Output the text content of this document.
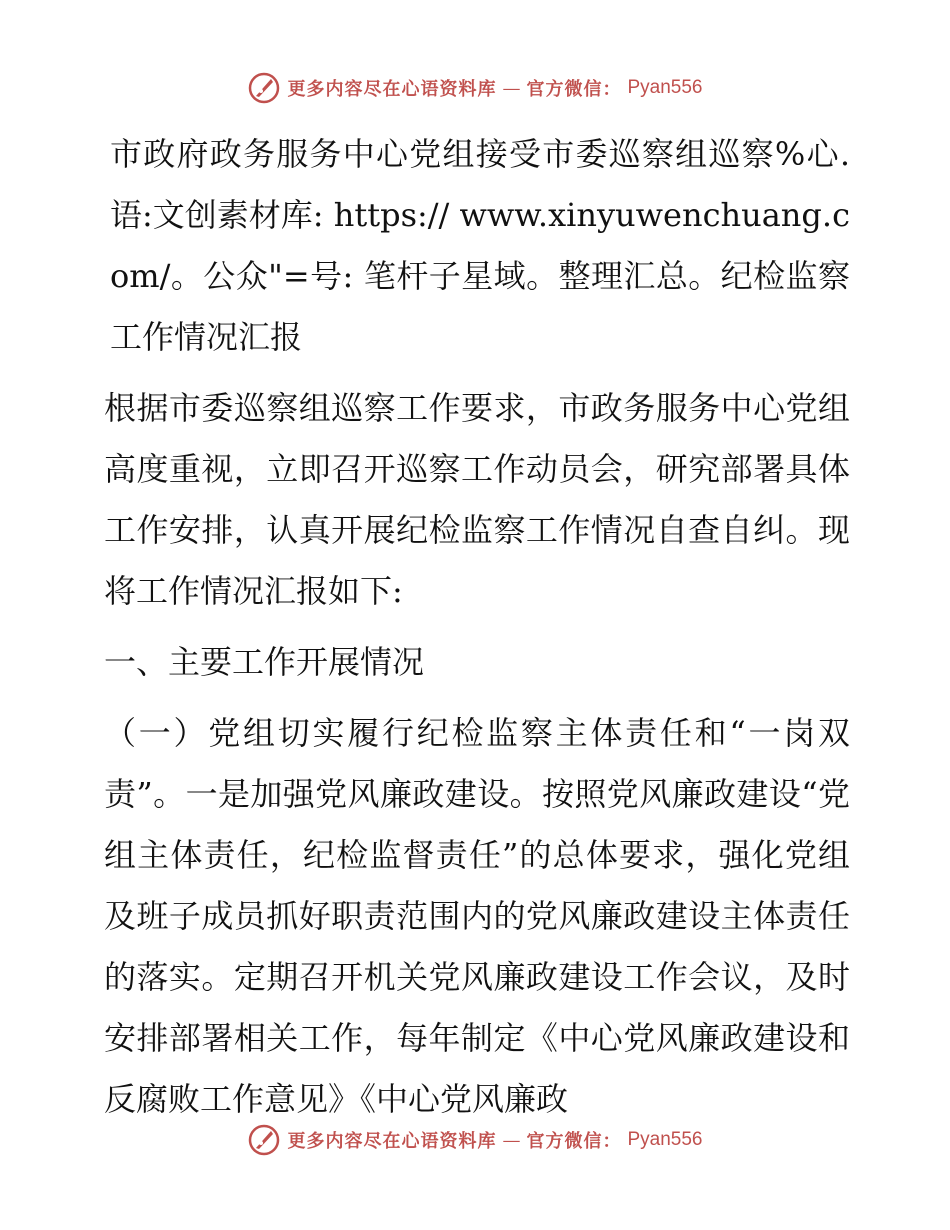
更多内容尽在心语资料库 — 官方微信： Pyan556

市政府政务服务中心党组接受市委巡察组巡察%心.语:文创素材库: https:// www.xinyuwenchuang.com/。公众"=号: 笔杆子星域。整理汇总。纪检监察工作情况汇报

根据市委巡察组巡察工作要求，市政务服务中心党组高度重视，立即召开巡察工作动员会，研究部署具体工作安排，认真开展纪检监察工作情况自查自纠。现将工作情况汇报如下:

一、主要工作开展情况

（一）党组切实履行纪检监察主体责任和“一岗双责”。一是加强党风廉政建设。按照党风廉政建设“党组主体责任，纪检监督责任”的总体要求，强化党组及班子成员抓好职责范围内的党风廉政建设主体责任的落实。定期召开机关党风廉政建设工作会议，及时安排部署相关工作，每年制定《中心党风廉政建设和反腐败工作意见》《中心党风廉政

更多内容尽在心语资料库 — 官方微信： Pyan556
